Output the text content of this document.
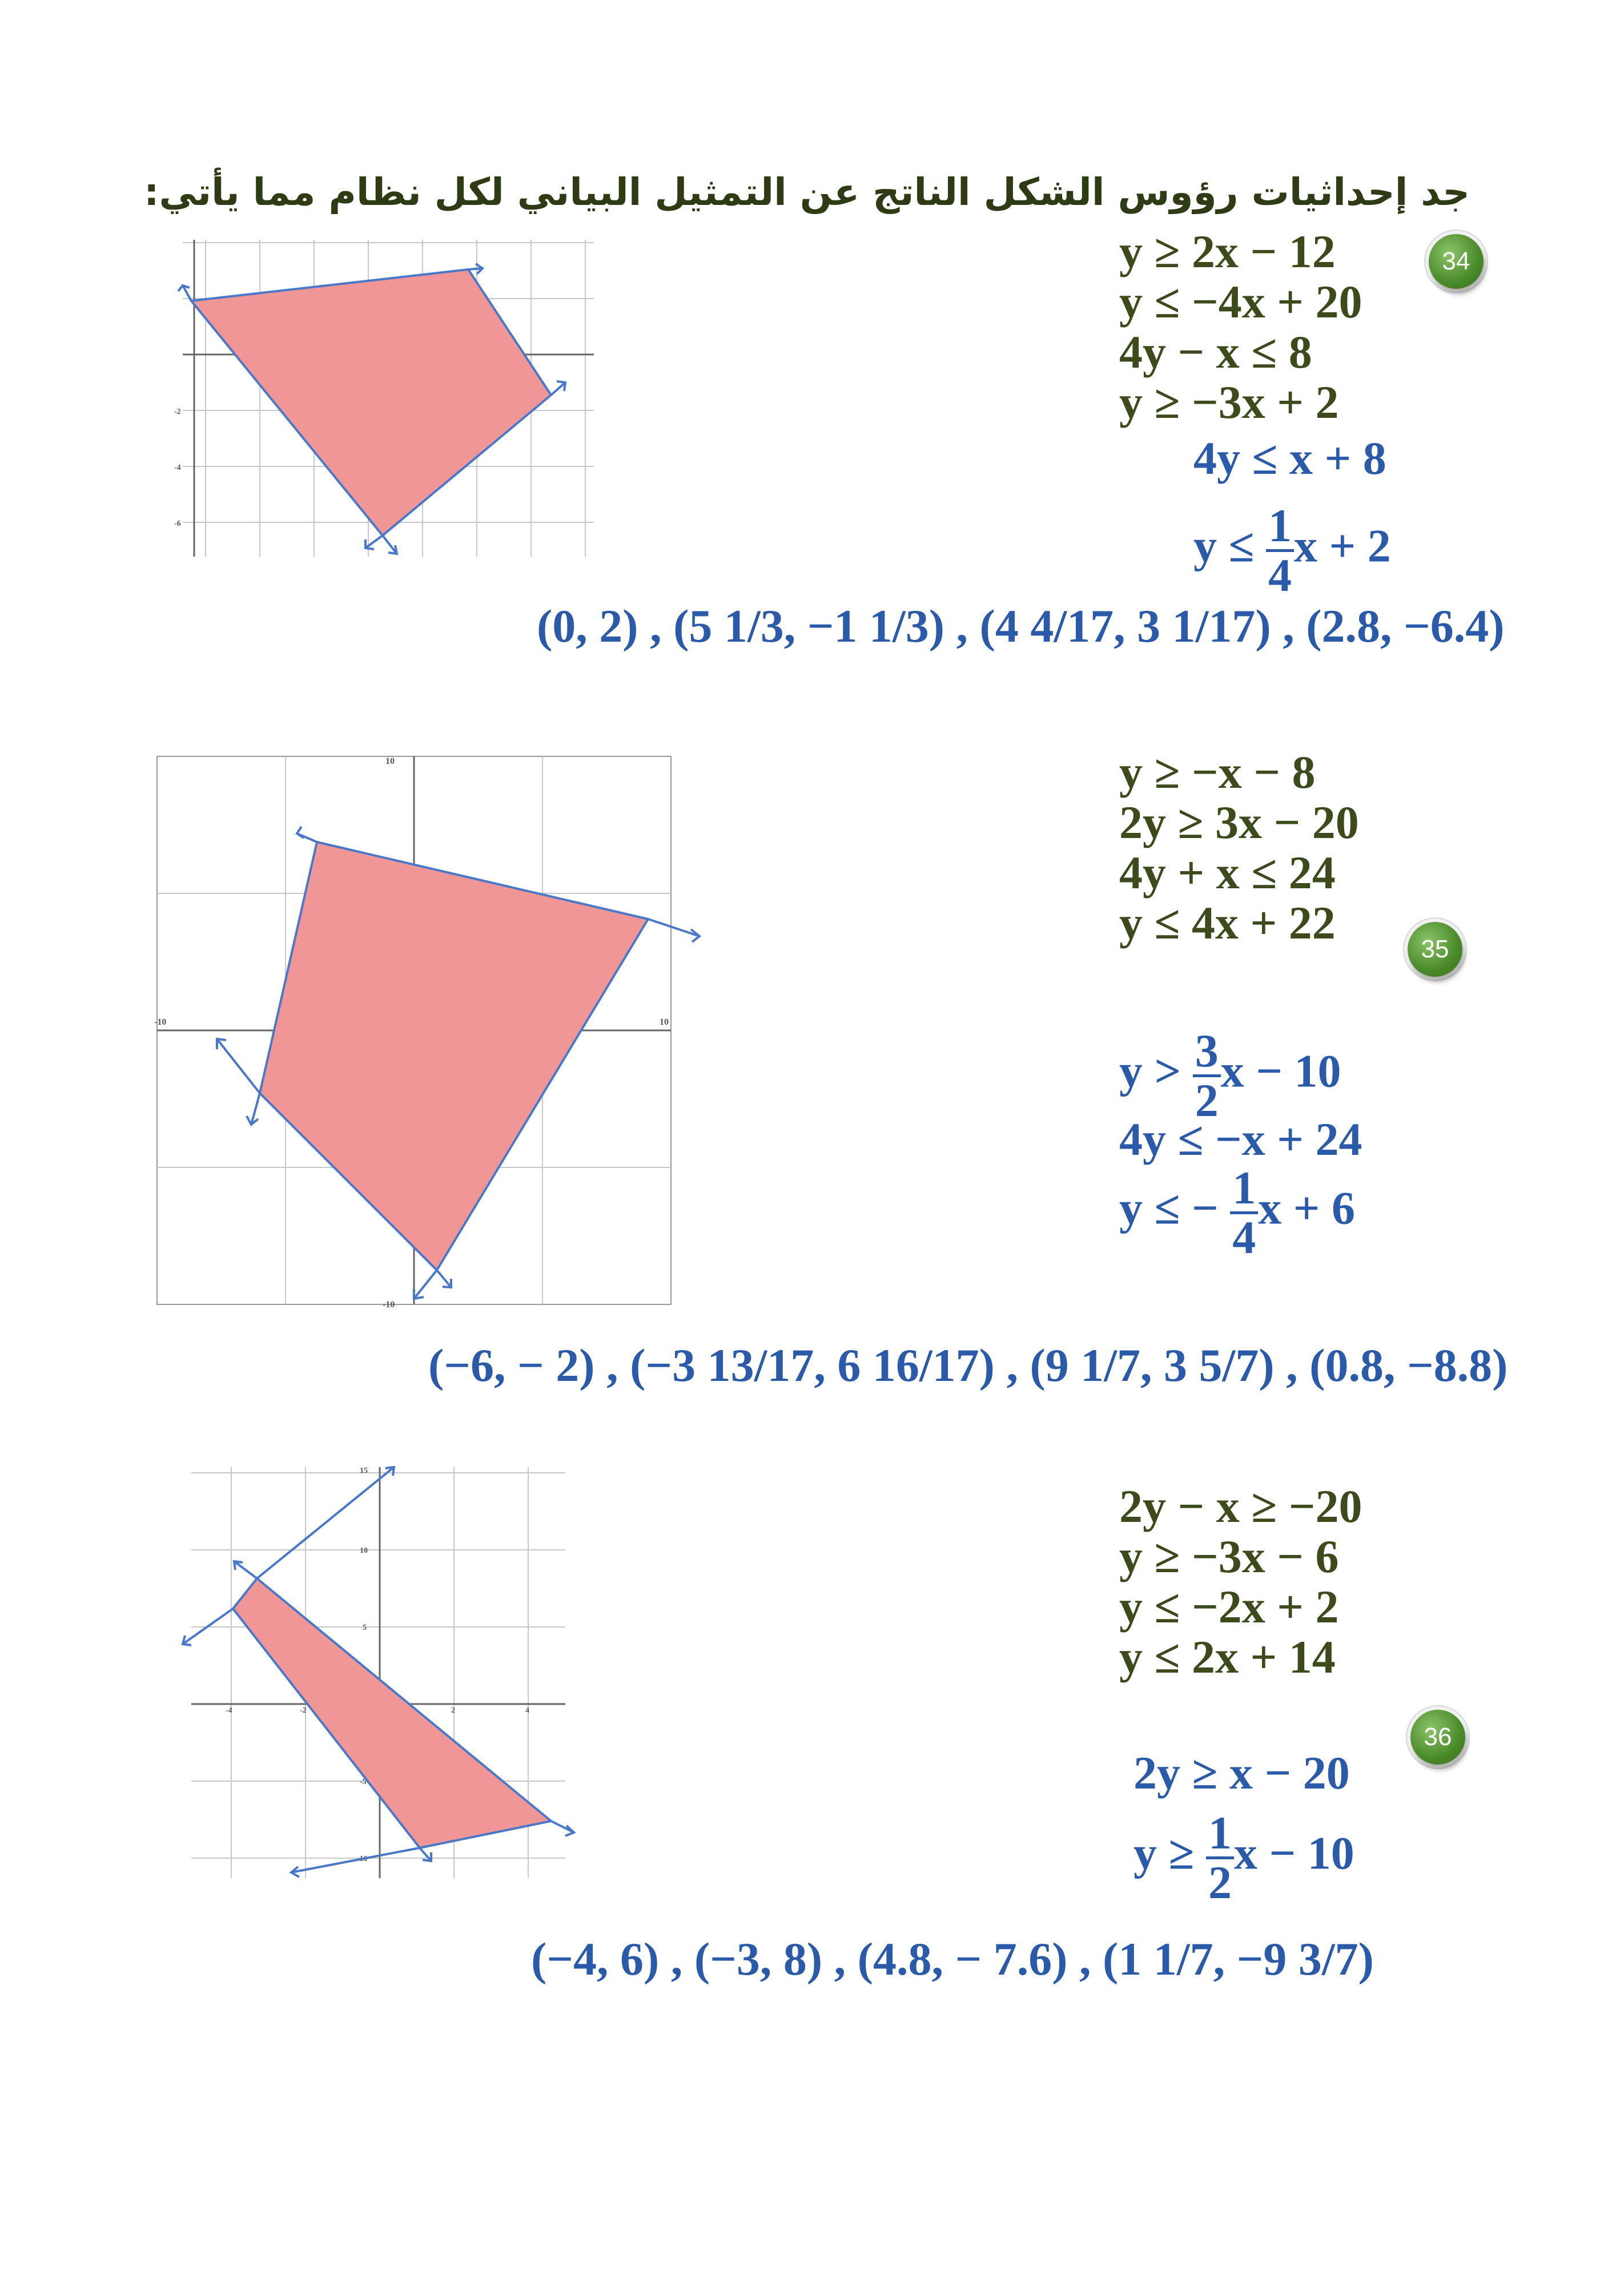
جد إحداثيات رؤوس الشكل الناتج عن التمثيل البياني لكل نظام مما يأتي:
34
y ≥ 2x − 12
y ≤ −4x + 20
4y − x ≤ 8
y ≥ −3x + 2
4y ≤ x + 8
$y \le \frac{1}{4}$ x + 2
-2
-4
-6
(0, 2) , (5 1/3, −1 1/3) , (4 4/17, 3 1/17) , (2.8, −6.4)
35
y ≥ −x − 8
2y ≥ 3x − 20
4y + x ≤ 24
y ≤ 4x + 22
$y > \frac{3}{2}$ x − 10
4y ≤ −x + 24
y ≤ − $\frac{1}{4}$ x + 6
-10	10
10
-10
(−6, − 2) , (−3 13/17, 6 16/17) , (9 1/7, 3 5/7) , (0.8, −8.8)
36
2y − x ≥ −20
y ≥ −3x − 6
y ≤ −2x + 2
y ≤ 2x + 14
2y ≥ x − 20
$y \ge \frac{1}{2}$ x − 10
-4	-2	2	4
15
10
5
-5
-10
(−4, 6) , (−3, 8) , (4.8, − 7.6) , (1 1/7, −9 3/7)
